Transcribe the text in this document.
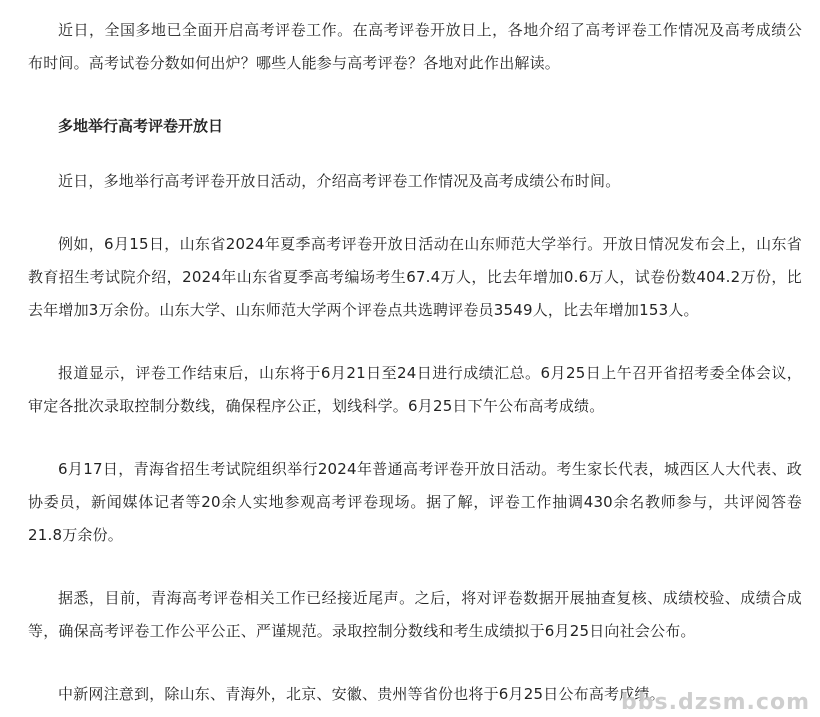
近日，全国多地已全面开启高考评卷工作。在高考评卷开放日上，各地介绍了高考评卷工作情况及高考成绩公布时间。高考试卷分数如何出炉？哪些人能参与高考评卷？各地对此作出解读。

多地举行高考评卷开放日

近日，多地举行高考评卷开放日活动，介绍高考评卷工作情况及高考成绩公布时间。

例如，6月15日，山东省2024年夏季高考评卷开放日活动在山东师范大学举行。开放日情况发布会上，山东省教育招生考试院介绍，2024年山东省夏季高考编场考生67.4万人，比去年增加0.6万人，试卷份数404.2万份，比去年增加3万余份。山东大学、山东师范大学两个评卷点共选聘评卷员3549人，比去年增加153人。

报道显示，评卷工作结束后，山东将于6月21日至24日进行成绩汇总。6月25日上午召开省招考委全体会议，审定各批次录取控制分数线，确保程序公正，划线科学。6月25日下午公布高考成绩。

6月17日，青海省招生考试院组织举行2024年普通高考评卷开放日活动。考生家长代表，城西区人大代表、政协委员，新闻媒体记者等20余人实地参观高考评卷现场。据了解，评卷工作抽调430余名教师参与，共评阅答卷21.8万余份。

据悉，目前，青海高考评卷相关工作已经接近尾声。之后，将对评卷数据开展抽查复核、成绩校验、成绩合成等，确保高考评卷工作公平公正、严谨规范。录取控制分数线和考生成绩拟于6月25日向社会公布。

中新网注意到，除山东、青海外，北京、安徽、贵州等省份也将于6月25日公布高考成绩。

bbs.dzsm.com
